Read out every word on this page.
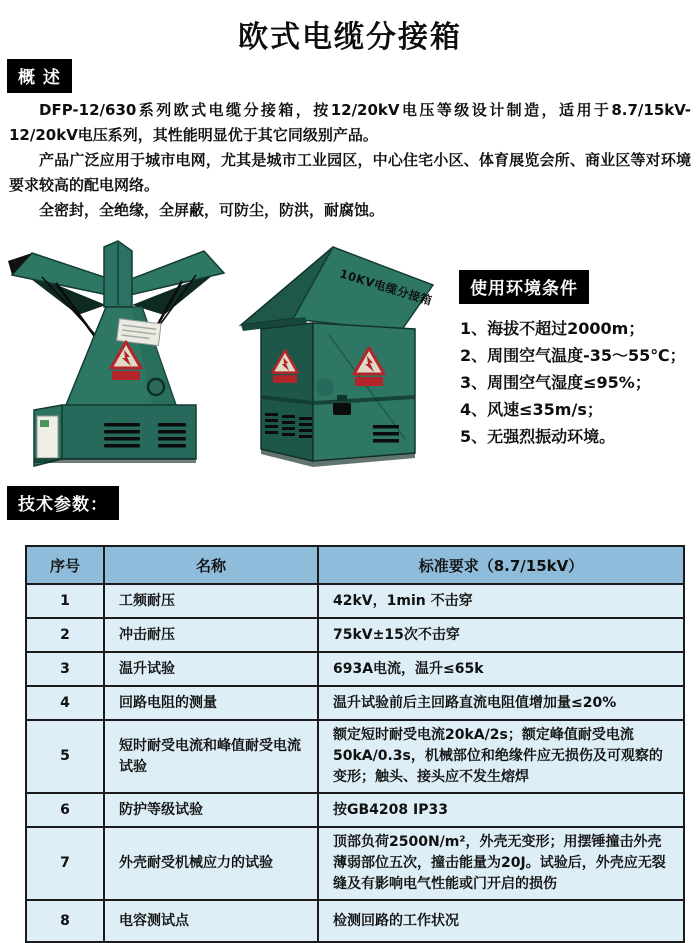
欧式电缆分接箱
概 述

DFP-12/630系列欧式电缆分接箱，按12/20kV电压等级设计制造，适用于8.7/15kV-12/20kV电压系列，其性能明显优于其它同级别产品。

产品广泛应用于城市电网，尤其是城市工业园区，中心住宅小区、体育展览会所、商业区等对环境要求较高的配电网络。

全密封，全绝缘，全屏蔽，可防尘，防洪，耐腐蚀。

10KV电缆分接箱	使用环境条件
1、海拔不超过2000m；
2、周围空气温度-35～55℃；
3、周围空气湿度≤95%；
4、风速≤35m/s；
5、无强烈振动环境。
技术参数：
序号	名称	标准要求（8.7/15kV）
1	工频耐压	42kV，1min 不击穿
2	冲击耐压	75kV±15次不击穿
3	温升试验	693A电流，温升≤65k
4	回路电阻的测量	温升试验前后主回路直流电阻值增加量≤20%
5	短时耐受电流和峰值耐受电流试验	额定短时耐受电流20kA/2s；额定峰值耐受电流50kA/0.3s，机械部位和绝缘件应无损伤及可观察的变形；触头、接头应不发生熔焊
6	防护等级试验	按GB4208 IP33
7	外壳耐受机械应力的试验	顶部负荷2500N/m²，外壳无变形；用摆锤撞击外壳薄弱部位五次，撞击能量为20J。试验后，外壳应无裂缝及有影响电气性能或门开启的损伤
8	电容测试点	检测回路的工作状况
